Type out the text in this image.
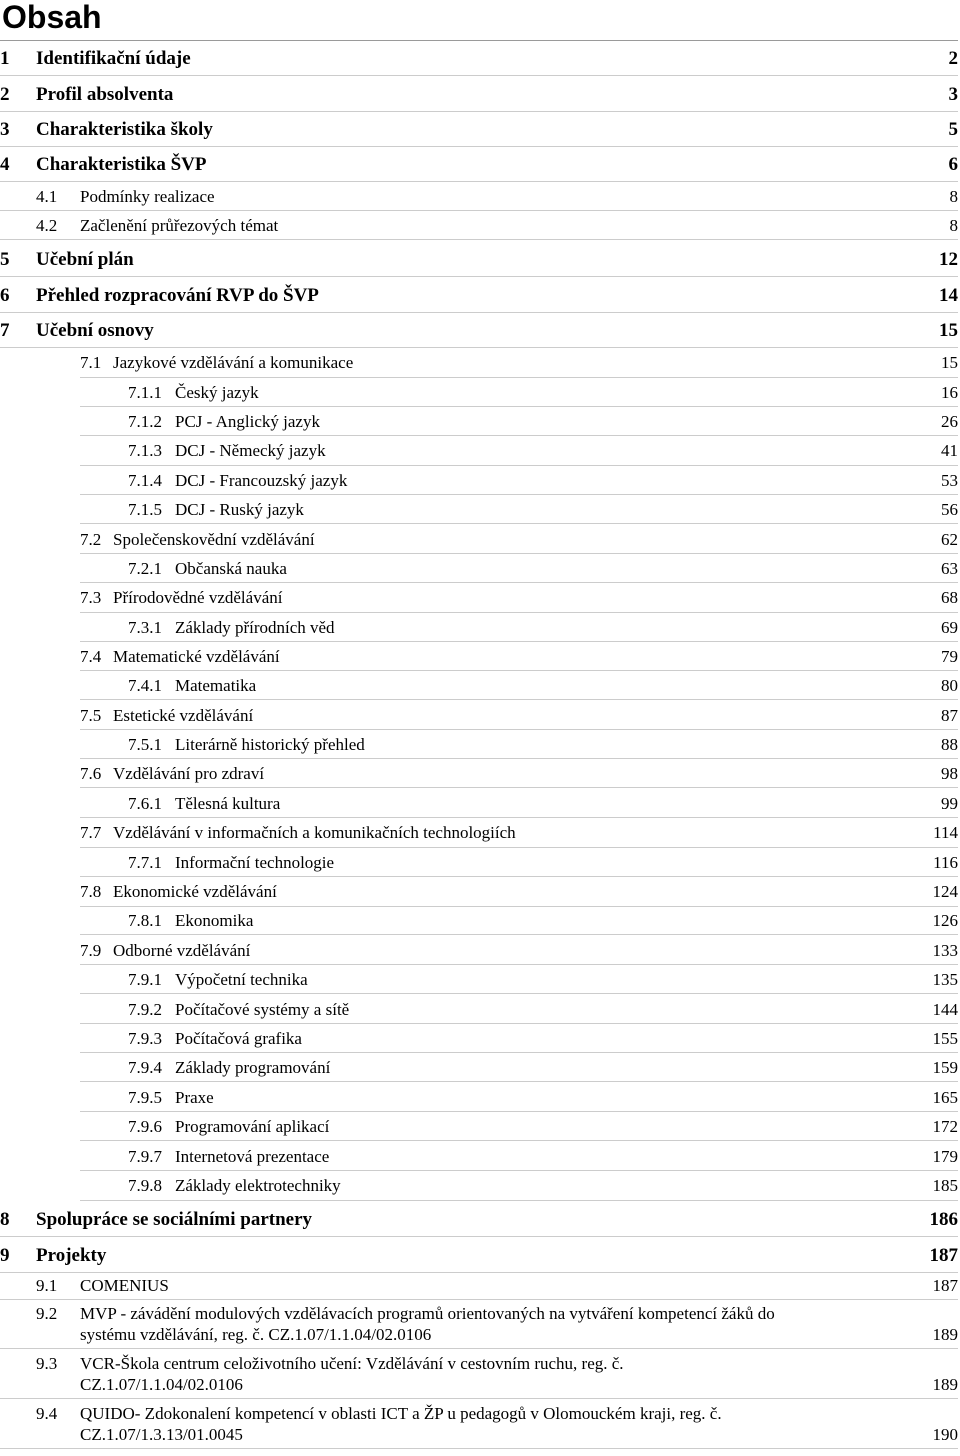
Obsah
1 Identifikační údaje	2
2 Profil absolventa	3
3 Charakteristika školy	5
4 Charakteristika ŠVP	6
4.1 Podmínky realizace	8
4.2 Začlenění průřezových témat	8
5 Učební plán	12
6 Přehled rozpracování RVP do ŠVP	14
7 Učební osnovy	15
7.1 Jazykové vzdělávání a komunikace	15
7.1.1 Český jazyk	16
7.1.2 PCJ - Anglický jazyk	26
7.1.3 DCJ - Německý jazyk	41
7.1.4 DCJ - Francouzský jazyk	53
7.1.5 DCJ - Ruský jazyk	56
7.2 Společenskovědní vzdělávání	62
7.2.1 Občanská nauka	63
7.3 Přírodovědné vzdělávání	68
7.3.1 Základy přírodních věd	69
7.4 Matematické vzdělávání	79
7.4.1 Matematika	80
7.5 Estetické vzdělávání	87
7.5.1 Literárně historický přehled	88
7.6 Vzdělávání pro zdraví	98
7.6.1 Tělesná kultura	99
7.7 Vzdělávání v informačních a komunikačních technologiích	114
7.7.1 Informační technologie	116
7.8 Ekonomické vzdělávání	124
7.8.1 Ekonomika	126
7.9 Odborné vzdělávání	133
7.9.1 Výpočetní technika	135
7.9.2 Počítačové systémy a sítě	144
7.9.3 Počítačová grafika	155
7.9.4 Základy programování	159
7.9.5 Praxe	165
7.9.6 Programování aplikací	172
7.9.7 Internetová prezentace	179
7.9.8 Základy elektrotechniky	185
8 Spolupráce se sociálními partnery	186
9 Projekty	187
9.1 COMENIUS	187
9.2 MVP - závádění modulových vzdělávacích programů orientovaných na vytváření kompetencí žáků do
systému vzdělávání, reg. č. CZ.1.07/1.1.04/02.0106	189
9.3 VCR-Škola centrum celoživotního učení: Vzdělávání v cestovním ruchu, reg. č.
CZ.1.07/1.1.04/02.0106	189
9.4 QUIDO- Zdokonalení kompetencí v oblasti ICT a ŽP u pedagogů v Olomouckém kraji, reg. č.
CZ.1.07/1.3.13/01.0045	190
